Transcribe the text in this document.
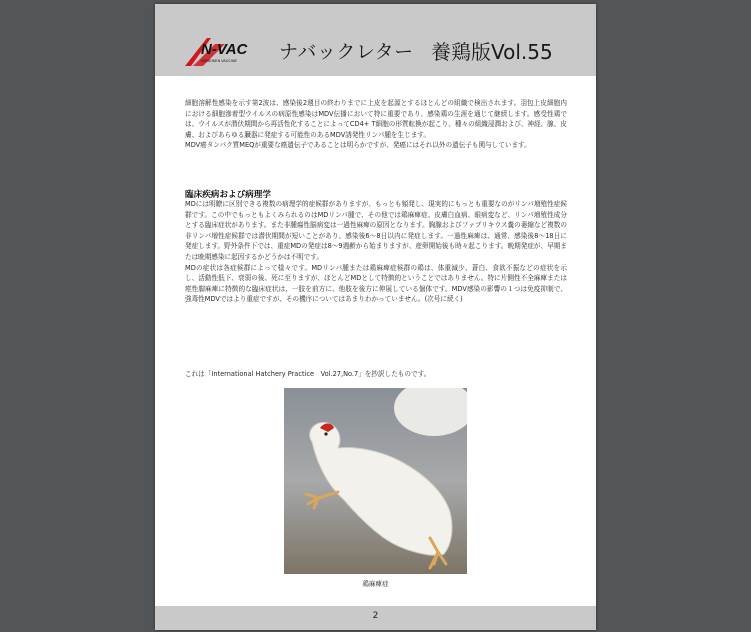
N-VAC
NISSEIKEN VACCINE ナバックレター 養鶏版Vol.55

細胞溶解性感染を示す第2波は、感染後2週目の終わりまでに上皮を起源とするほとんどの組織で検出されます。羽包上皮細胞内における細胞滲着型ウイルスの病原性感染はMDV伝播において特に重要であり、感染鶏の生涯を通じて継続します。感受性鶏では、ウイルスが潜伏期間から再活性化することによってCD4+ T細胞の形質転換が起こり、種々の組織浸潤および、神経、腺、皮膚、およびあらゆる臓器に発症する可能性のあるMDV誘発性リンパ腫を生じます。

MDV癌タンパク質MEQが重要な癌遺伝子であることは明らかですが、発癌にはそれ以外の遺伝子も関与しています。

臨床疾病および病理学

MDには明瞭に区別できる複数の病理学的症候群がありますが、もっとも頻発し、現実的にもっとも重要なのがリンパ増殖性症候群です。この中でもっともよくみられるのはMDリンパ腫で、その他では鶏麻痺症、皮膚白血病、眼病変など、リンパ増殖性成分とする臨床症状があります。また非腫瘍性脳病変は一過性麻痺の原因となります。胸腺およびファブリキウス嚢の萎縮など複数の非リンパ増性症候群では潜伏期間が短いことがあり、感染後6～8日以内に発症します。一過性麻痺は、通常、感染後8～18日に発症します。野外条件下では、重症MDの発症は8～9週齢から始まりますが、産卵開始後も時々起こります。晩期発症が、早期または晩期感染に起因するかどうかは不明です。

MDの症状は各症候群によって様々です。MDリンパ腫または鶏麻痺症候群の鶏は、体重減少、蒼白、食欲不振などの症状を示し、活動性低下、衰弱の後、死に至りますが、ほとんどMDとして特徴的ということではありません。特に片側性不全麻痺または痙性脚麻痺に特徴的な臨床症状は、一肢を前方に、他肢を後方に伸展している個体です。MDV感染の影響の１つは免疫抑制で、強毒性MDVではより重症ですが、その機序についてはあまりわかっていません。(次号に続く)

これは「International Hatchery Practice　Vol.27,No.7」を抄訳したものです。
鶏麻痺症
2
